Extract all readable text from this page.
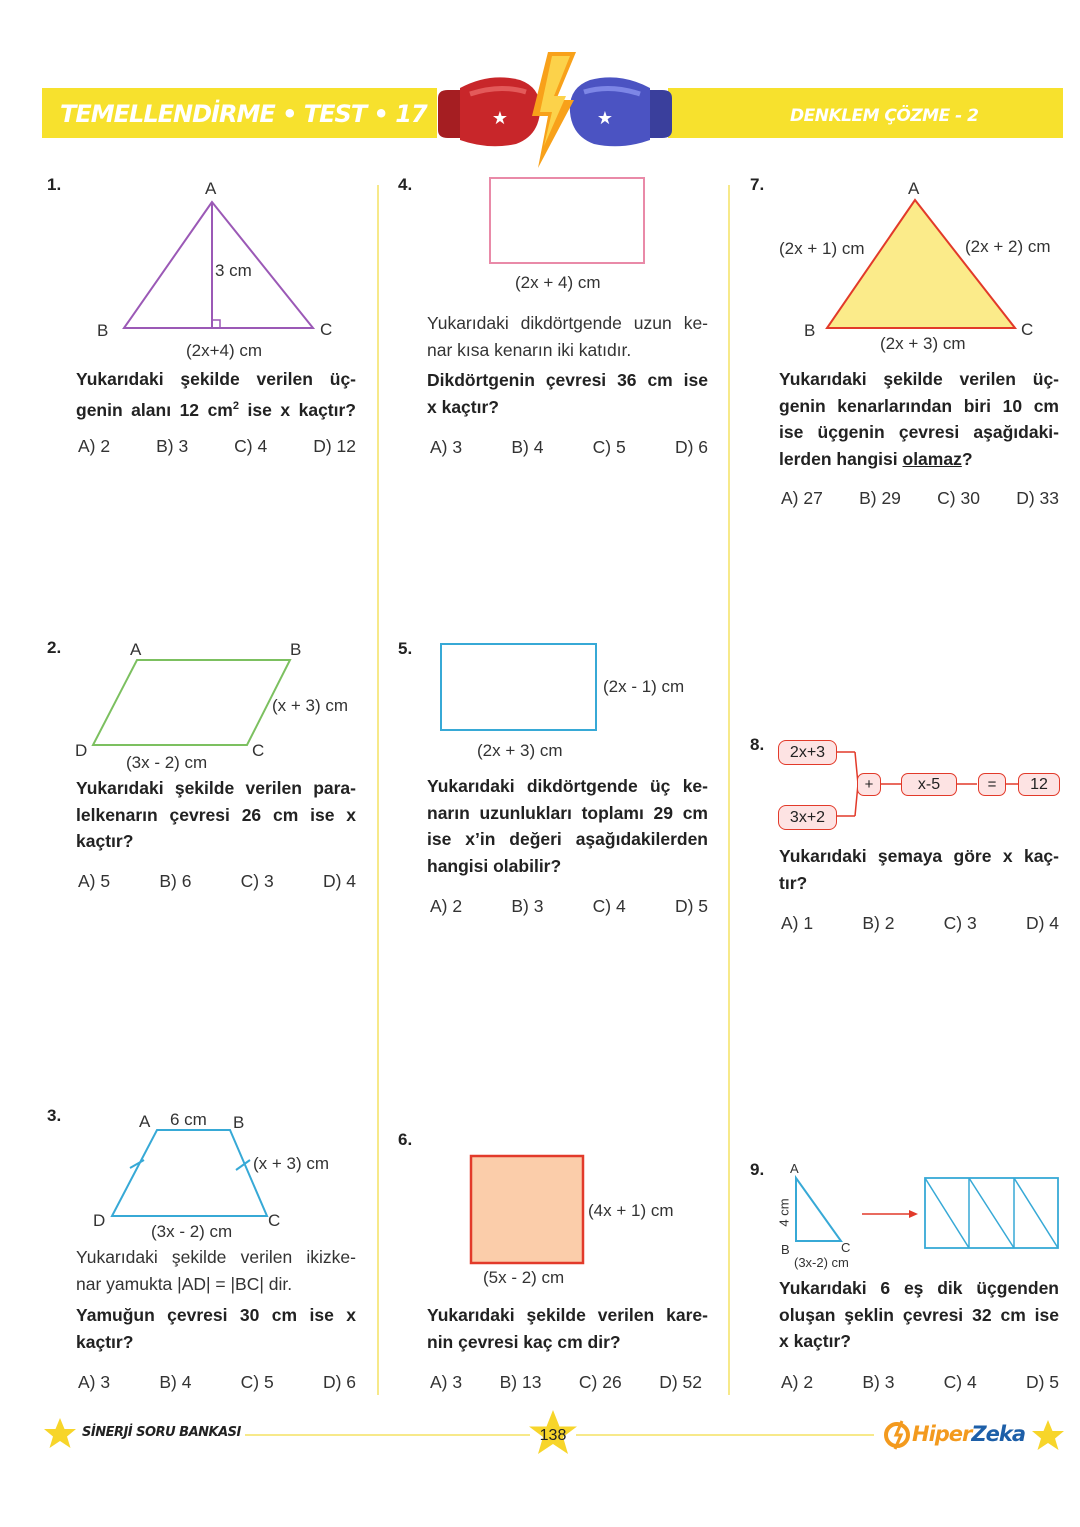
TEMELLENDİRME • TEST • 17	DENKLEM ÇÖZME - 2
★	★
1.	A
B	C
3 cm
(2x+4) cm
Yukarıdaki şekilde verilen üç-
genin alanı 12 $cm^2$ ise x kaçtır?
A) 2	B) 3	C) 4	D) 12
2.	A	B
D	C
(x + 3) cm
(3x - 2) cm
Yukarıdaki şekilde verilen para-
lelkenarın çevresi 26 cm ise x
kaçtır?
A) 5	B) 6	C) 3	D) 4
3.	A 6 cm B
(x + 3) cm
D	C
(3x - 2) cm
Yukarıdaki şekilde verilen ikizke-
nar yamukta |AD| = |BC| dir.
Yamuğun çevresi 30 cm ise x
kaçtır?
A) 3	B) 4	C) 5	D) 6
4.
(2x + 4) cm
Yukarıdaki dikdörtgende uzun ke-
nar kısa kenarın iki katıdır.
Dikdörtgenin çevresi 36 cm ise
x kaçtır?
A) 3	B) 4	C) 5	D) 6
5.
(2x - 1) cm
(2x + 3) cm
Yukarıdaki dikdörtgende üç ke-
narın uzunlukları toplamı 29 cm
ise x’in değeri aşağıdakilerden
hangisi olabilir?
A) 2	B) 3	C) 4	D) 5
6.
(4x + 1) cm
(5x - 2) cm
Yukarıdaki şekilde verilen kare-
nin çevresi kaç cm dir?
A) 3 B) 13 C) 26 D) 52
7.	A
B	C
(2x + 1) cm	(2x + 2) cm
(2x + 3) cm
Yukarıdaki şekilde verilen üç-
genin kenarlarından biri 10 cm
ise üçgenin çevresi aşağıdaki-
lerden hangisi olamaz?
A) 27 B) 29 C) 30 D) 33
8.	2x+3
3x+2
+	x-5	=	12
Yukarıdaki şemaya göre x kaç-
tır?
A) 1	B) 2	C) 3	D) 4
9. A
B	C
4 cm
(3x-2) cm
Yukarıdaki 6 eş dik üçgenden
oluşan şeklin çevresi 32 cm ise
x kaçtır?
A) 2	B) 3	C) 4	D) 5
SİNERJİ SORU BANKASI	138	HiperZeka
